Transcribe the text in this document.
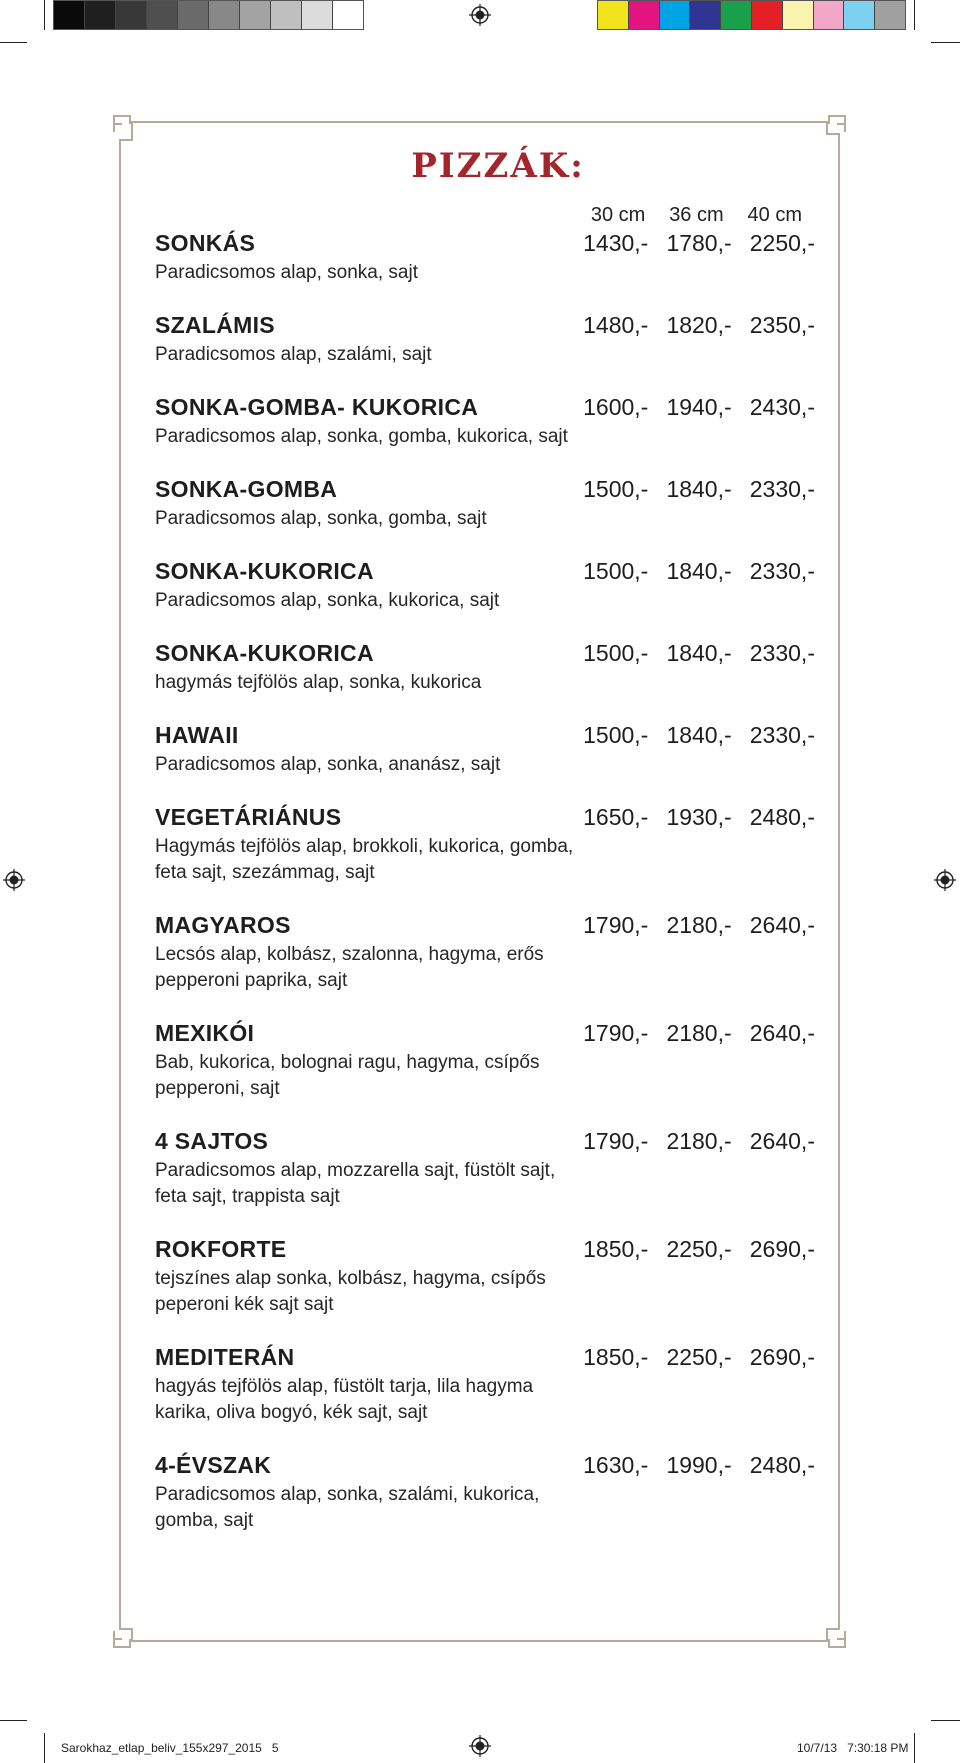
PIZZÁK:
30 cm	36 cm	40 cm
SONKÁS	1430,- 1780,- 2250,-
Paradicsomos alap, sonka, sajt
SZALÁMIS	1480,- 1820,- 2350,-
Paradicsomos alap, szalámi, sajt
SONKA-GOMBA- KUKORICA	1600,- 1940,- 2430,-
Paradicsomos alap, sonka, gomba, kukorica, sajt
SONKA-GOMBA	1500,- 1840,- 2330,-
Paradicsomos alap, sonka, gomba, sajt
SONKA-KUKORICA	1500,- 1840,- 2330,-
Paradicsomos alap, sonka, kukorica, sajt
SONKA-KUKORICA	1500,- 1840,- 2330,-
hagymás tejfölös alap, sonka, kukorica
HAWAII	1500,- 1840,- 2330,-
Paradicsomos alap, sonka, ananász, sajt
VEGETÁRIÁNUS	1650,- 1930,- 2480,-
Hagymás tejfölös alap, brokkoli, kukorica, gomba, feta sajt, szezámmag, sajt
MAGYAROS	1790,- 2180,- 2640,-
Lecsós alap, kolbász, szalonna, hagyma, erős pepperoni paprika, sajt
MEXIKÓI	1790,- 2180,- 2640,-
Bab, kukorica, bolognai ragu, hagyma, csípős pepperoni, sajt
4 SAJTOS	1790,- 2180,- 2640,-
Paradicsomos alap, mozzarella sajt, füstölt sajt, feta sajt, trappista sajt
ROKFORTE	1850,- 2250,- 2690,-
tejszínes alap sonka, kolbász, hagyma, csípős peperoni kék sajt sajt
MEDITERÁN	1850,- 2250,- 2690,-
hagyás tejfölös alap, füstölt tarja, lila hagyma karika, oliva bogyó, kék sajt, sajt
4-ÉVSZAK	1630,- 1990,- 2480,-
Paradicsomos alap, sonka, szalámi, kukorica, gomba, sajt
Sarokhaz_etlap_beliv_155x297_2015 5	10/7/13 7:30:18 PM
